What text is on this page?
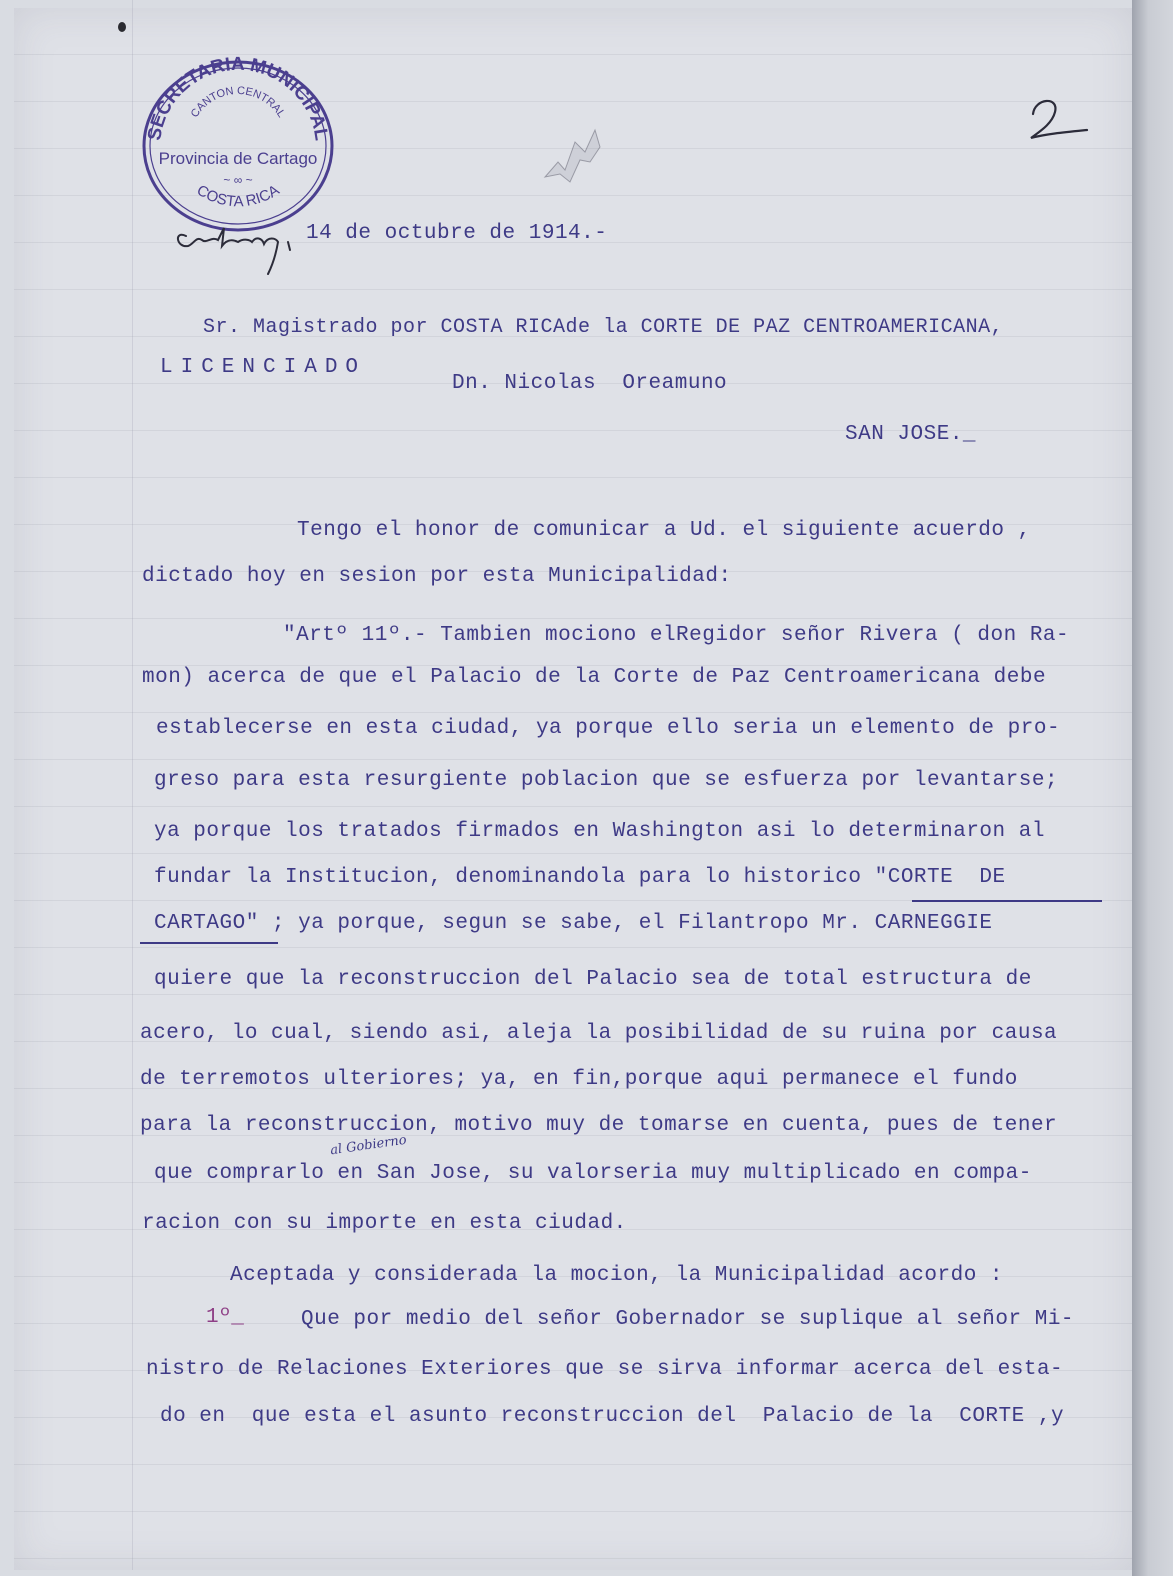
SECRETARIA MUNICIPAL
CANTON CENTRAL
Provincia de Cartago
~ ∞ ~
COSTA RICA
2
14 de octubre de 1914.-
Sr. Magistrado por COSTA RICAde la CORTE DE PAZ CENTROAMERICANA,
LICENCIADO
Dn. Nicolas  Oreamuno
SAN JOSE._
Tengo el honor de comunicar a Ud. el siguiente acuerdo ,
dictado hoy en sesion por esta Municipalidad:
"Artº 11º.- Tambien mociono elRegidor señor Rivera ( don Ra-
mon) acerca de que el Palacio de la Corte de Paz Centroamericana debe
establecerse en esta ciudad, ya porque ello seria un elemento de pro-
greso para esta resurgiente poblacion que se esfuerza por levantarse;
ya porque los tratados firmados en Washington asi lo determinaron al
fundar la Institucion, denominandola para lo historico "CORTE  DE
CARTAGO" ; ya porque, segun se sabe, el Filantropo Mr. CARNEGGIE
quiere que la reconstruccion del Palacio sea de total estructura de
acero, lo cual, siendo asi, aleja la posibilidad de su ruina por causa
de terremotos ulteriores; ya, en fin,porque aqui permanece el fundo
para la reconstruccion, motivo muy de tomarse en cuenta, pues de tener
que comprarlo en San Jose, su valorseria muy multiplicado en compa-
racion con su importe en esta ciudad.
al Gobierno
Aceptada y considerada la mocion, la Municipalidad acordo :
1º_	Que por medio del señor Gobernador se suplique al señor Mi-
nistro de Relaciones Exteriores que se sirva informar acerca del esta-
do en  que esta el asunto reconstruccion del  Palacio de la  CORTE ,y
